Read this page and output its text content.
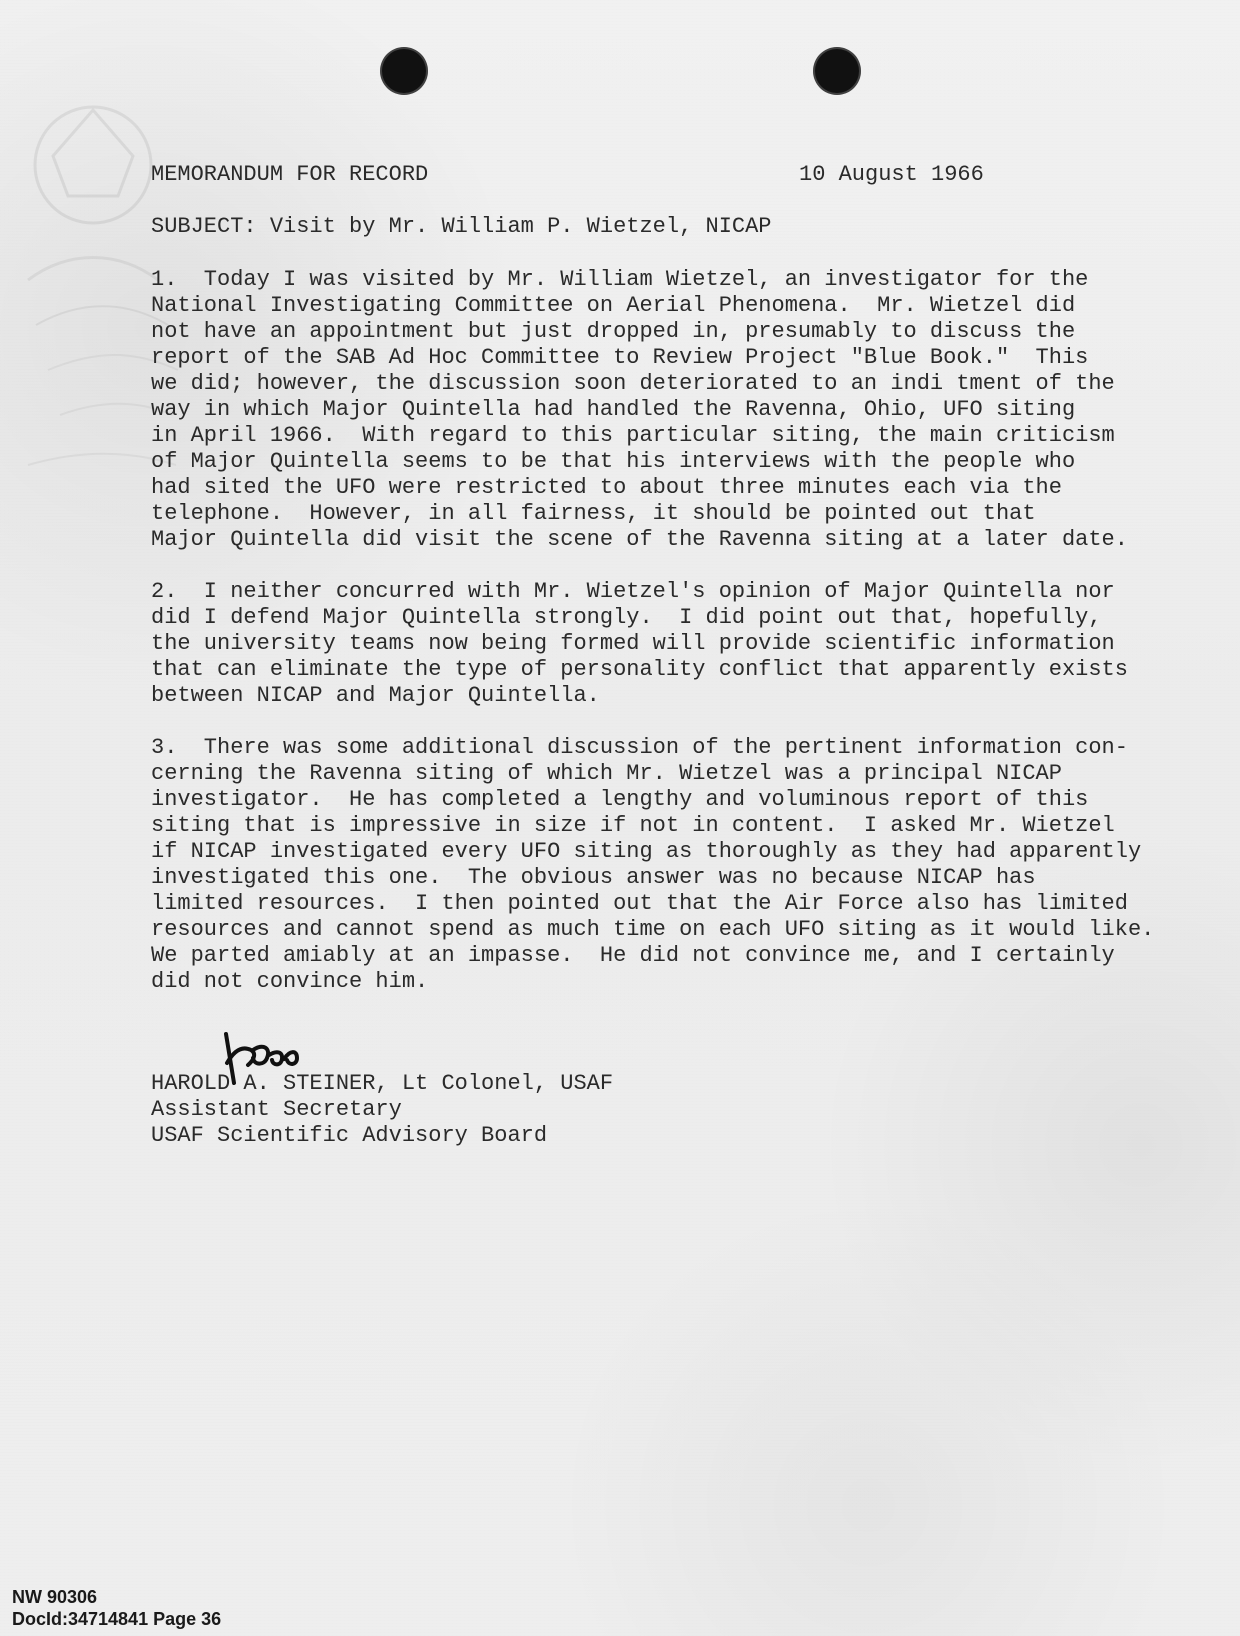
MEMORANDUM FOR RECORD	10 August 1966
SUBJECT: Visit by Mr. William P. Wietzel, NICAP
1.  Today I was visited by Mr. William Wietzel, an investigator for the
National Investigating Committee on Aerial Phenomena.  Mr. Wietzel did
not have an appointment but just dropped in, presumably to discuss the
report of the SAB Ad Hoc Committee to Review Project "Blue Book."  This
we did; however, the discussion soon deteriorated to an indi tment of the
way in which Major Quintella had handled the Ravenna, Ohio, UFO siting
in April 1966.  With regard to this particular siting, the main criticism
of Major Quintella seems to be that his interviews with the people who
had sited the UFO were restricted to about three minutes each via the
telephone.  However, in all fairness, it should be pointed out that
Major Quintella did visit the scene of the Ravenna siting at a later date.
2.  I neither concurred with Mr. Wietzel's opinion of Major Quintella nor
did I defend Major Quintella strongly.  I did point out that, hopefully,
the university teams now being formed will provide scientific information
that can eliminate the type of personality conflict that apparently exists
between NICAP and Major Quintella.
3.  There was some additional discussion of the pertinent information con-
cerning the Ravenna siting of which Mr. Wietzel was a principal NICAP
investigator.  He has completed a lengthy and voluminous report of this
siting that is impressive in size if not in content.  I asked Mr. Wietzel
if NICAP investigated every UFO siting as thoroughly as they had apparently
investigated this one.  The obvious answer was no because NICAP has
limited resources.  I then pointed out that the Air Force also has limited
resources and cannot spend as much time on each UFO siting as it would like.
We parted amiably at an impasse.  He did not convince me, and I certainly
did not convince him.
HAROLD A. STEINER, Lt Colonel, USAF
Assistant Secretary
USAF Scientific Advisory Board
NW 90306
DocId:34714841 Page 36
